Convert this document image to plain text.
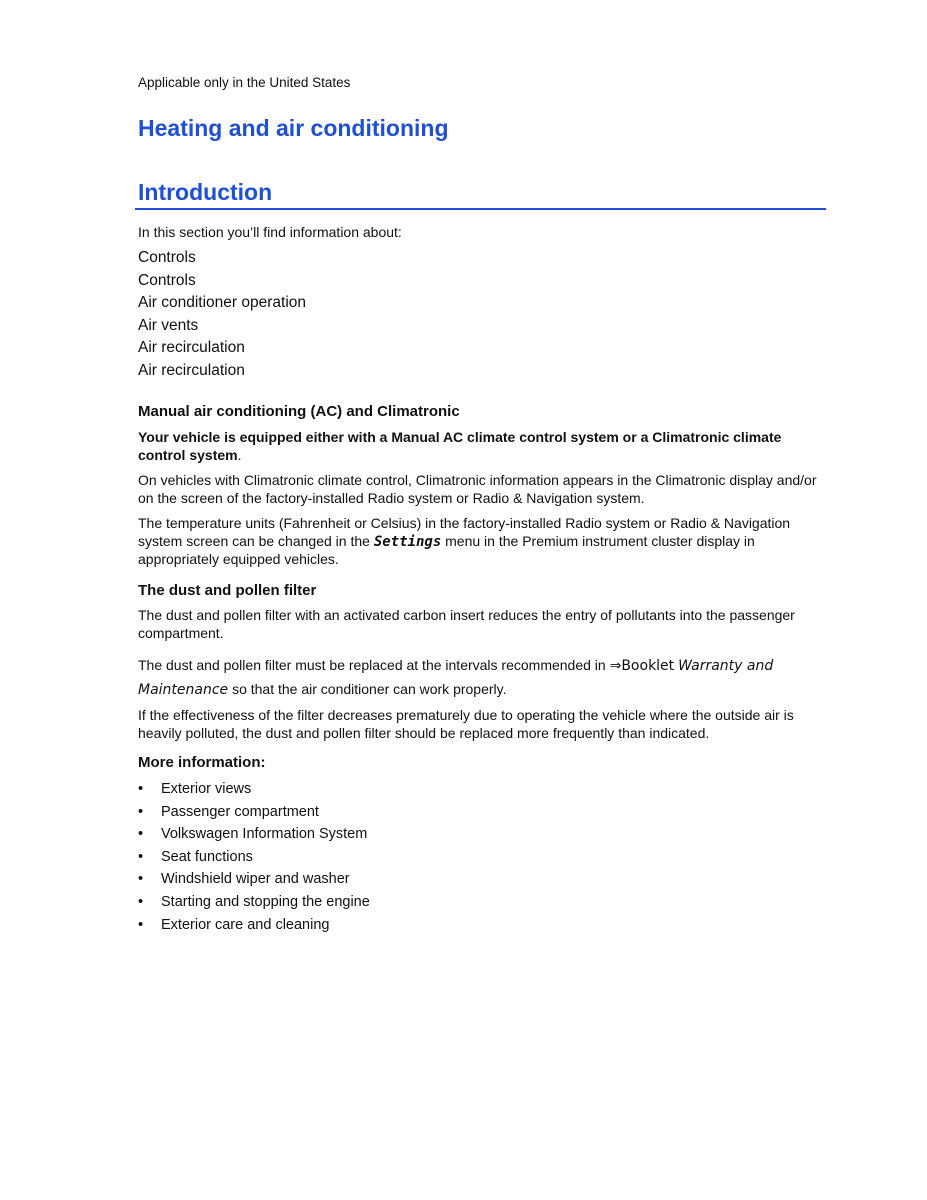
Applicable only in the United States
Heating and air conditioning
Introduction
In this section you’ll find information about:
Controls
Controls
Air conditioner operation
Air vents
Air recirculation
Air recirculation
Manual air conditioning (AC) and Climatronic

Your vehicle is equipped either with a Manual AC climate control system or a Climatronic climate control system.

On vehicles with Climatronic climate control, Climatronic information appears in the Climatronic display and/or on the screen of the factory-installed Radio system or Radio & Navigation system.

The temperature units (Fahrenheit or Celsius) in the factory-installed Radio system or Radio & Navigation system screen can be changed in the Settings menu in the Premium instrument cluster display in appropriately equipped vehicles.

The dust and pollen filter

The dust and pollen filter with an activated carbon insert reduces the entry of pollutants into the passenger compartment.

The dust and pollen filter must be replaced at the intervals recommended in ⇒Booklet Warranty and Maintenance so that the air conditioner can work properly.

If the effectiveness of the filter decreases prematurely due to operating the vehicle where the outside air is heavily polluted, the dust and pollen filter should be replaced more frequently than indicated.

More information:
• Exterior views
• Passenger compartment
• Volkswagen Information System
• Seat functions
• Windshield wiper and washer
• Starting and stopping the engine
• Exterior care and cleaning
